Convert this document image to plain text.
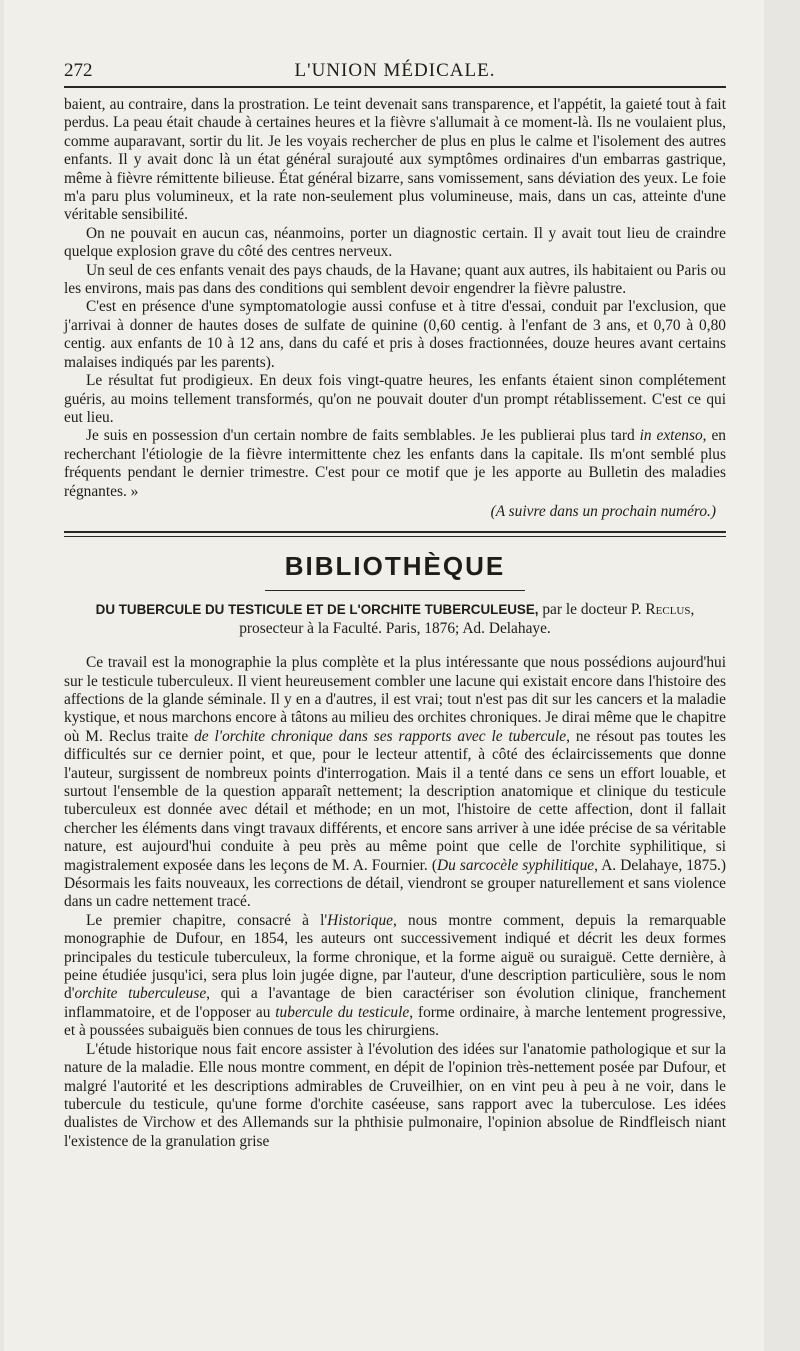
272	L'UNION MÉDICALE.

baient, au contraire, dans la prostration. Le teint devenait sans transparence, et l'appétit, la gaieté tout à fait perdus. La peau était chaude à certaines heures et la fièvre s'allumait à ce moment-là. Ils ne voulaient plus, comme auparavant, sortir du lit. Je les voyais rechercher de plus en plus le calme et l'isolement des autres enfants. Il y avait donc là un état général surajouté aux symptômes ordinaires d'un embarras gastrique, même à fièvre rémittente bilieuse. État général bizarre, sans vomissement, sans déviation des yeux. Le foie m'a paru plus volumineux, et la rate non-seulement plus volumineuse, mais, dans un cas, atteinte d'une véritable sensibilité.

On ne pouvait en aucun cas, néanmoins, porter un diagnostic certain. Il y avait tout lieu de craindre quelque explosion grave du côté des centres nerveux.

Un seul de ces enfants venait des pays chauds, de la Havane; quant aux autres, ils habitaient ou Paris ou les environs, mais pas dans des conditions qui semblent devoir engendrer la fièvre palustre.

C'est en présence d'une symptomatologie aussi confuse et à titre d'essai, conduit par l'exclusion, que j'arrivai à donner de hautes doses de sulfate de quinine (0,60 centig. à l'enfant de 3 ans, et 0,70 à 0,80 centig. aux enfants de 10 à 12 ans, dans du café et pris à doses fractionnées, douze heures avant certains malaises indiqués par les parents).

Le résultat fut prodigieux. En deux fois vingt-quatre heures, les enfants étaient sinon complétement guéris, au moins tellement transformés, qu'on ne pouvait douter d'un prompt rétablissement. C'est ce qui eut lieu.

Je suis en possession d'un certain nombre de faits semblables. Je les publierai plus tard in extenso, en recherchant l'étiologie de la fièvre intermittente chez les enfants dans la capitale. Ils m'ont semblé plus fréquents pendant le dernier trimestre. C'est pour ce motif que je les apporte au Bulletin des maladies régnantes. »

(A suivre dans un prochain numéro.)

BIBLIOTHÈQUE

DU TUBERCULE DU TESTICULE ET DE L'ORCHITE TUBERCULEUSE, par le docteur P. Reclus, prosecteur à la Faculté. Paris, 1876; Ad. Delahaye.

Ce travail est la monographie la plus complète et la plus intéressante que nous possédions aujourd'hui sur le testicule tuberculeux. Il vient heureusement combler une lacune qui existait encore dans l'histoire des affections de la glande séminale. Il y en a d'autres, il est vrai; tout n'est pas dit sur les cancers et la maladie kystique, et nous marchons encore à tâtons au milieu des orchites chroniques. Je dirai même que le chapitre où M. Reclus traite de l'orchite chronique dans ses rapports avec le tubercule, ne résout pas toutes les difficultés sur ce dernier point, et que, pour le lecteur attentif, à côté des éclaircissements que donne l'auteur, surgissent de nombreux points d'interrogation. Mais il a tenté dans ce sens un effort louable, et surtout l'ensemble de la question apparaît nettement; la description anatomique et clinique du testicule tuberculeux est donnée avec détail et méthode; en un mot, l'histoire de cette affection, dont il fallait chercher les éléments dans vingt travaux différents, et encore sans arriver à une idée précise de sa véritable nature, est aujourd'hui conduite à peu près au même point que celle de l'orchite syphilitique, si magistralement exposée dans les leçons de M. A. Fournier. (Du sarcocèle syphilitique, A. Delahaye, 1875.) Désormais les faits nouveaux, les corrections de détail, viendront se grouper naturellement et sans violence dans un cadre nettement tracé.

Le premier chapitre, consacré à l'Historique, nous montre comment, depuis la remarquable monographie de Dufour, en 1854, les auteurs ont successivement indiqué et décrit les deux formes principales du testicule tuberculeux, la forme chronique, et la forme aiguë ou suraiguë. Cette dernière, à peine étudiée jusqu'ici, sera plus loin jugée digne, par l'auteur, d'une description particulière, sous le nom d'orchite tuberculeuse, qui a l'avantage de bien caractériser son évolution clinique, franchement inflammatoire, et de l'opposer au tubercule du testicule, forme ordinaire, à marche lentement progressive, et à poussées subaiguës bien connues de tous les chirurgiens.

L'étude historique nous fait encore assister à l'évolution des idées sur l'anatomie pathologique et sur la nature de la maladie. Elle nous montre comment, en dépit de l'opinion très-nettement posée par Dufour, et malgré l'autorité et les descriptions admirables de Cruveilhier, on en vint peu à peu à ne voir, dans le tubercule du testicule, qu'une forme d'orchite caséeuse, sans rapport avec la tuberculose. Les idées dualistes de Virchow et des Allemands sur la phthisie pulmonaire, l'opinion absolue de Rindfleisch niant l'existence de la granulation grise
